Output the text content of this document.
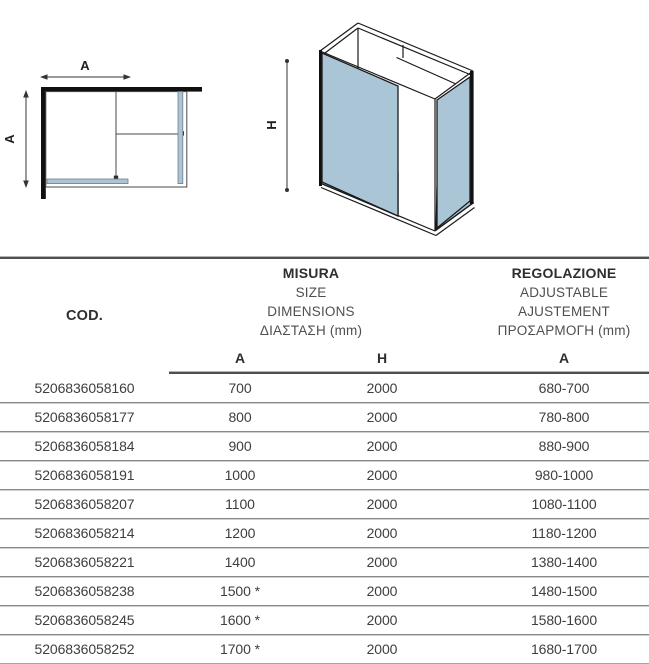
A
A
H
COD.	
MISURA
SIZE
DIMENSIONS
ΔΙΑΣΤΑΣΗ (mm)

REGOLAZIONE
ADJUSTABLE
AJUSTEMENT
ΠΡΟΣΑΡΜΟΓΗ (mm)

	A	H	A
5206836058160	700	2000	680-700
5206836058177	800	2000	780-800
5206836058184	900	2000	880-900
5206836058191	1000	2000	980-1000
5206836058207	1100	2000	1080-1100
5206836058214	1200	2000	1180-1200
5206836058221	1400	2000	1380-1400
5206836058238	1500 *	2000	1480-1500
5206836058245	1600 *	2000	1580-1600
5206836058252	1700 *	2000	1680-1700
